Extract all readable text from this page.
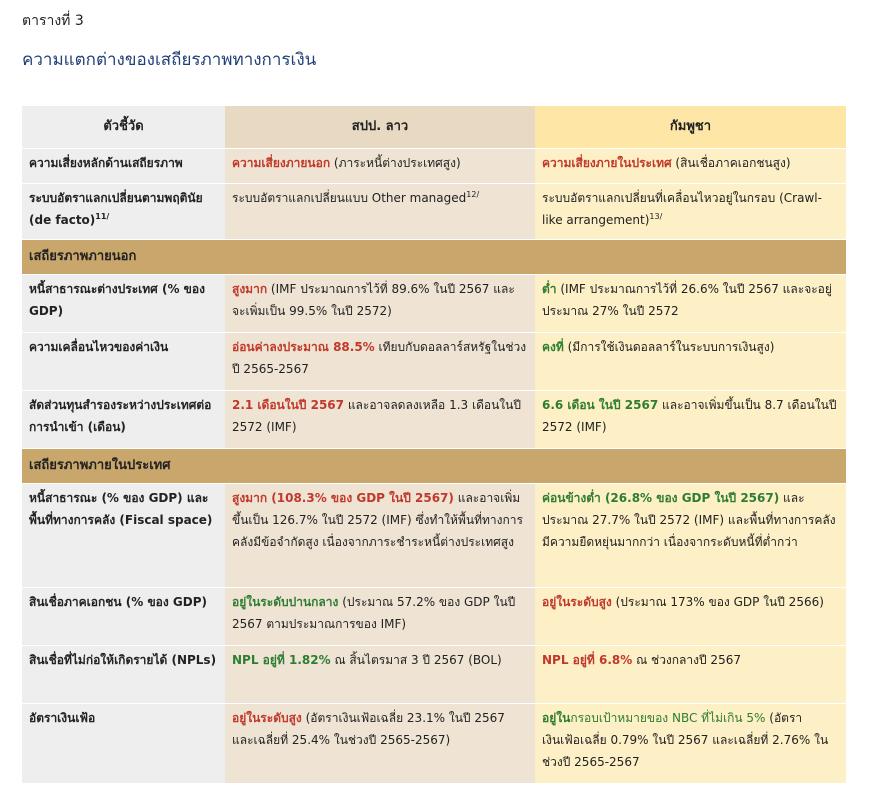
ตารางที่ 3
ความแตกต่างของเสถียรภาพทางการเงิน
ตัวชี้วัด	สปป. ลาว	กัมพูชา
ความเสี่ยงหลักด้านเสถียรภาพ	ความเสี่ยงภายนอก (ภาระหนี้ต่างประเทศสูง)	ความเสี่ยงภายในประเทศ (สินเชื่อภาคเอกชนสูง)
ระบบอัตราแลกเปลี่ยนตามพฤตินัย (de facto)$^{11/}$	ระบบอัตราแลกเปลี่ยนแบบ Other managed$^{12/}$	ระบบอัตราแลกเปลี่ยนที่เคลื่อนไหวอยู่ในกรอบ (Crawl-like arrangement)$^{13/}$
เสถียรภาพภายนอก		
หนี้สาธารณะต่างประเทศ (% ของ GDP)	สูงมาก (IMF ประมาณการไว้ที่ 89.6% ในปี 2567 และจะเพิ่มเป็น 99.5% ในปี 2572)	ต่ำ (IMF ประมาณการไว้ที่ 26.6% ในปี 2567 และจะอยู่ประมาณ 27% ในปี 2572
ความเคลื่อนไหวของค่าเงิน	อ่อนค่าลงประมาณ 88.5% เทียบกับดอลลาร์สหรัฐในช่วงปี 2565-2567	คงที่ (มีการใช้เงินดอลลาร์ในระบบการเงินสูง)
สัดส่วนทุนสำรองระหว่างประเทศต่อการนำเข้า (เดือน)	2.1 เดือนในปี 2567 และอาจลดลงเหลือ 1.3 เดือนในปี 2572 (IMF)	6.6 เดือน ในปี 2567 และอาจเพิ่มขึ้นเป็น 8.7 เดือนในปี 2572 (IMF)
เสถียรภาพภายในประเทศ		
หนี้สาธารณะ (% ของ GDP) และพื้นที่ทางการคลัง (Fiscal space)	สูงมาก (108.3% ของ GDP ในปี 2567) และอาจเพิ่มขึ้นเป็น 126.7% ในปี 2572 (IMF) ซึ่งทำให้พื้นที่ทางการคลังมีข้อจำกัดสูง เนื่องจากภาระชำระหนี้ต่างประเทศสูง	ค่อนข้างต่ำ (26.8% ของ GDP ในปี 2567) และประมาณ 27.7% ในปี 2572 (IMF) และพื้นที่ทางการคลังมีความยืดหยุ่นมากกว่า เนื่องจากระดับหนี้ที่ต่ำกว่า
สินเชื่อภาคเอกชน (% ของ GDP)	อยู่ในระดับปานกลาง (ประมาณ 57.2% ของ GDP ในปี 2567 ตามประมาณการของ IMF)	อยู่ในระดับสูง (ประมาณ 173% ของ GDP ในปี 2566)
สินเชื่อที่ไม่ก่อให้เกิดรายได้ (NPLs)	NPL อยู่ที่ 1.82% ณ สิ้นไตรมาส 3 ปี 2567 (BOL)	NPL อยู่ที่ 6.8% ณ ช่วงกลางปี 2567
อัตราเงินเฟ้อ	อยู่ในระดับสูง (อัตราเงินเฟ้อเฉลี่ย 23.1% ในปี 2567 และเฉลี่ยที่ 25.4% ในช่วงปี 2565-2567)	อยู่ในกรอบเป้าหมายของ NBC ที่ไม่เกิน 5% (อัตราเงินเฟ้อเฉลี่ย 0.79% ในปี 2567 และเฉลี่ยที่ 2.76% ในช่วงปี 2565-2567
